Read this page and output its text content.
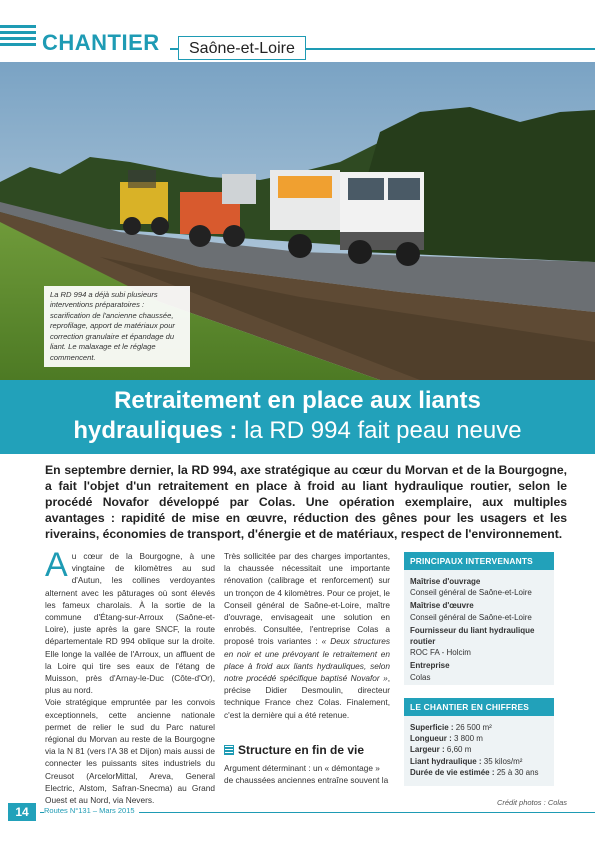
CHANTIER	Saône-et-Loire
La RD 994 a déjà subi plusieurs interventions préparatoires : scarification de l'ancienne chaussée, reprofilage, apport de matériaux pour correction granulaire et épandage du liant. Le malaxage et le réglage commencent.
Retraitement en place aux liants
hydrauliques : la RD 994 fait peau neuve
En septembre dernier, la RD 994, axe stratégique au cœur du Morvan et de la Bourgogne, a fait l'objet d'un retraitement en place à froid au liant hydraulique routier, selon le procédé Novafor développé par Colas. Une opération exemplaire, aux multiples avantages : rapidité de mise en œuvre, réduction des gênes pour les usagers et les riverains, économies de transport, d'énergie et de matériaux, respect de l'environnement.
A u cœur de la Bourgogne, à une vingtaine de kilomètres au sud d'Autun, les collines verdoyantes alternent avec les pâturages où sont élevés les fameux charolais. À la sortie de la commune d'Étang-sur-Arroux (Saône-et-Loire), juste après la gare SNCF, la route départementale RD 994 oblique sur la droite. Elle longe la vallée de l'Arroux, un affluent de la Loire qui tire ses eaux de l'étang de Muisson, près d'Arnay-le-Duc (Côte-d'Or), plus au nord.

Voie stratégique empruntée par les convois exceptionnels, cette ancienne nationale permet de relier le sud du Parc naturel régional du Morvan au reste de la Bourgogne via la N 81 (vers l'A 38 et Dijon) mais aussi de connecter les puissants sites industriels du Creusot (ArcelorMittal, Areva, General Electric, Alstom, Safran-Snecma) au Grand Ouest et au Nord, via Nevers.

Très sollicitée par des charges importantes, la chaussée nécessitait une importante rénovation (calibrage et renforcement) sur un tronçon de 4 kilomètres. Pour ce projet, le Conseil général de Saône-et-Loire, maître d'ouvrage, envisageait une solution en enrobés. Consultée, l'entreprise Colas a proposé trois variantes : « Deux structures en noir et une prévoyant le retraitement en place à froid aux liants hydrauliques, selon notre procédé spécifique baptisé Novafor », précise Didier Desmoulin, directeur technique France chez Colas. Finalement, c'est la dernière qui a été retenue.

Structure en fin de vie

Argument déterminant : un « démontage » de chaussées anciennes entraîne souvent la

PRINCIPAUX INTERVENANTS
Maîtrise d'ouvrage
Conseil général de Saône-et-Loire
Maîtrise d'œuvre
Conseil général de Saône-et-Loire
Fournisseur du liant hydraulique routier
ROC FA - Holcim
Entreprise
Colas
LE CHANTIER EN CHIFFRES
Superficie : 26 500 m²
Longueur : 3 800 m
Largeur : 6,60 m
Liant hydraulique : 35 kilos/m²
Durée de vie estimée : 25 à 30 ans
Crédit photos : Colas
14	Routes N°131 – Mars 2015
